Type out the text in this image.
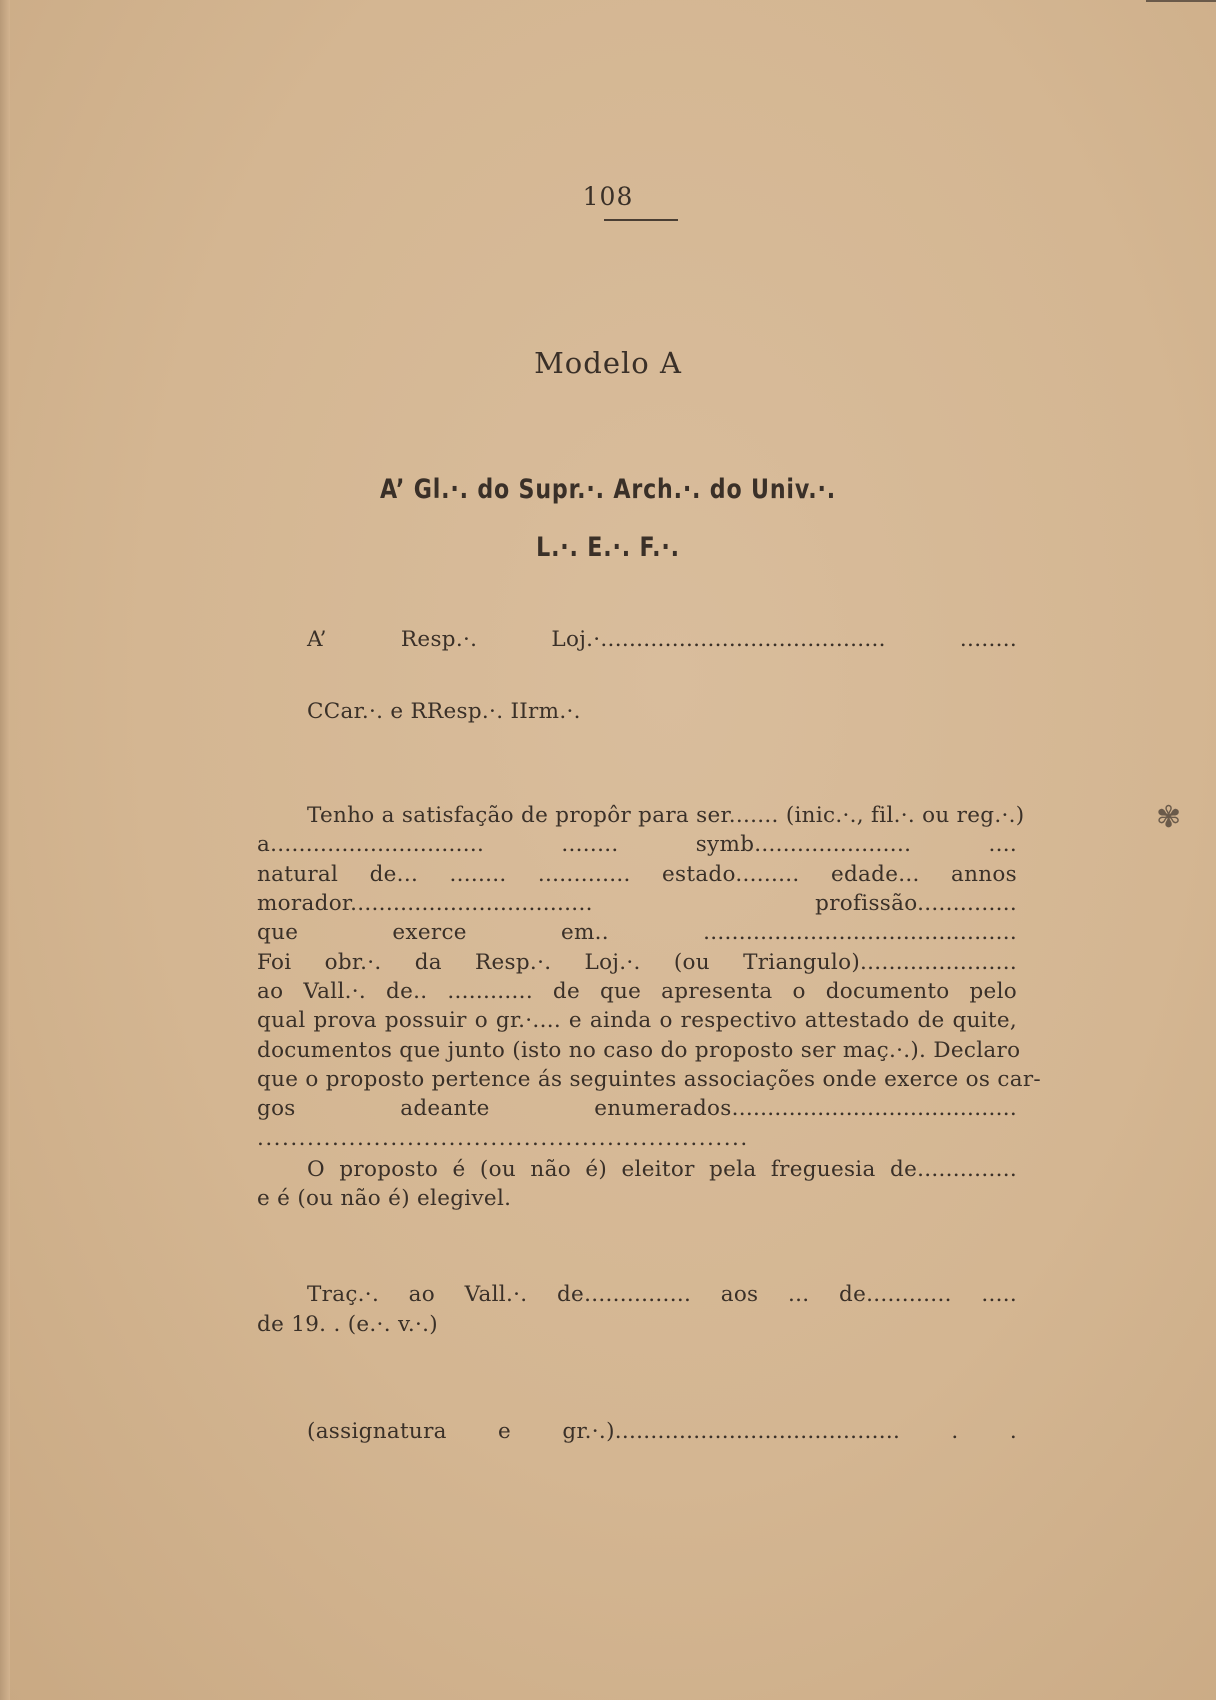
108
Modelo A
A’ Gl.·. do Supr.·. Arch.·. do Univ.·.
L.·. E.·. F.·.
A’ Resp.·. Loj.·........................................ ........
CCar.·. e RResp.·. IIrm.·.
Tenho a satisfação de propôr para ser....... (inic.·., fil.·. ou reg.·.)
a.............................. ........ symb...................... ....
natural de... ........ ............. estado......... edade... annos
morador.................................. profissão..............
que exerce em.. ............................................
Foi obr.·. da Resp.·. Loj.·. (ou Triangulo)......................
ao Vall.·. de.. ............ de que apresenta o documento pelo
qual prova possuir o gr.·.... e ainda o respectivo attestado de quite,
documentos que junto (isto no caso do proposto ser maç.·.). Declaro
que o proposto pertence ás seguintes associações onde exerce os car-
gos adeante enumerados........................................
...........................................................
O proposto é (ou não é) eleitor pela freguesia de..............
e é (ou não é) elegivel.
Traç.·. ao Vall.·. de............... aos ... de............ .....
de 19. . (e.·. v.·.)
(assignatura e gr.·.)........................................ . .
✾
